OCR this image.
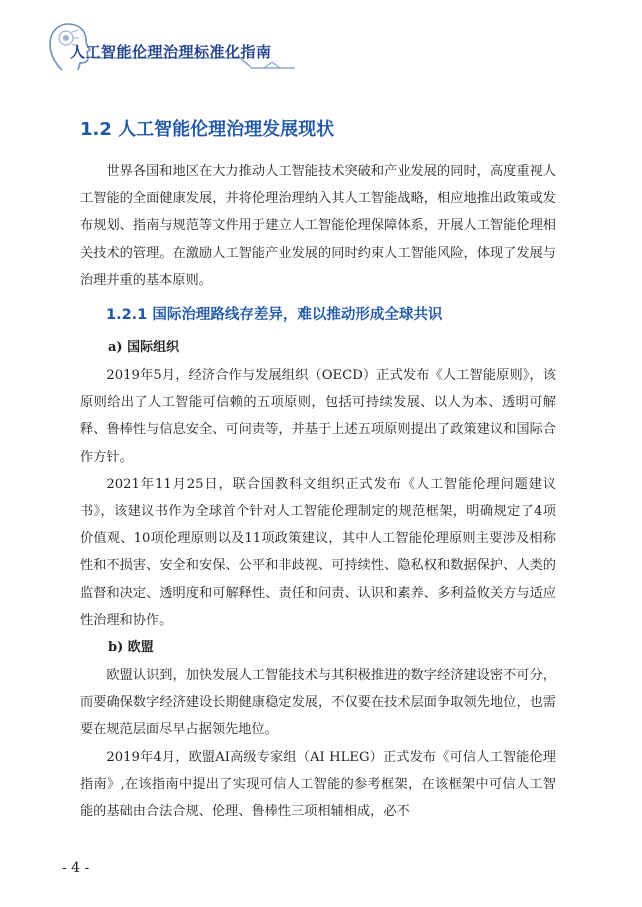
人工智能伦理治理标准化指南
1.2 人工智能伦理治理发展现状

世界各国和地区在大力推动人工智能技术突破和产业发展的同时，高度重视人工智能的全面健康发展，并将伦理治理纳入其人工智能战略，相应地推出政策或发布规划、指南与规范等文件用于建立人工智能伦理保障体系，开展人工智能伦理相关技术的管理。在激励人工智能产业发展的同时约束人工智能风险，体现了发展与治理并重的基本原则。

1.2.1 国际治理路线存差异，难以推动形成全球共识
a) 国际组织

2019年5月，经济合作与发展组织（OECD）正式发布《人工智能原则》，该原则给出了人工智能可信赖的五项原则，包括可持续发展、以人为本、透明可解释、鲁棒性与信息安全、可问责等，并基于上述五项原则提出了政策建议和国际合作方针。

2021年11月25日，联合国教科文组织正式发布《人工智能伦理问题建议书》，该建议书作为全球首个针对人工智能伦理制定的规范框架，明确规定了4项价值观、10项伦理原则以及11项政策建议，其中人工智能伦理原则主要涉及相称性和不损害、安全和安保、公平和非歧视、可持续性、隐私权和数据保护、人类的监督和决定、透明度和可解释性、责任和问责、认识和素养、多利益攸关方与适应性治理和协作。

b) 欧盟

欧盟认识到，加快发展人工智能技术与其积极推进的数字经济建设密不可分，而要确保数字经济建设长期健康稳定发展，不仅要在技术层面争取领先地位，也需要在规范层面尽早占据领先地位。

2019年4月，欧盟AI高级专家组（AI HLEG）正式发布《可信人工智能伦理指南》,在该指南中提出了实现可信人工智能的参考框架，在该框架中可信人工智能的基础由合法合规、伦理、鲁棒性三项相辅相成，必不

- 4 -
